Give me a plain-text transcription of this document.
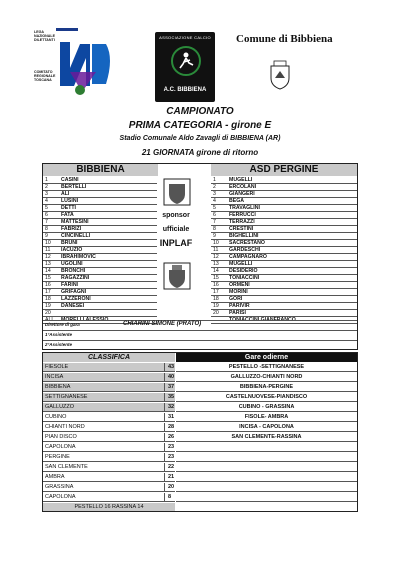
LEGA
NAZIONALE
DILETTANTI
COMITATO
REGIONALE
TOSCANA
ASSOCIAZIONE CALCIO
A.C. BIBBIENA
Comune di Bibbiena
CAMPIONATO
PRIMA CATEGORIA - girone E
Stadio Comunale Aldo Zavagli di BIBBIENA (AR)
21 GIORNATA girone di ritorno
BIBBIENA	ASD PERGINE
1	CASINI
2	BERTELLI
3	ALI
4	LUSINI
5	DETTI
6	FATA
7	MATTESINI
8	FABRIZI
9	CINCINELLI
10 BRUNI
11 IACUZIO
12 IBRAHIMOVIC
13 UGOLINI
14 BRONCHI
15 RAGAZZINI
16 FARINI
17 GRIFAGNI
18 LAZZERONI
19 DANESEI
20
ALL MORELLI ALESSIO
1	MUGELLI
2	ERCOLANI
3	GIANGERI
4	BEGA
5	TRAVAGLINI
6	FERRUCCI
7	TERRAZZI
8	CRESTINI
9	BIGHELLINI
10 SACRESTANO
11 GARDESCHI
12 CAMPAGNARO
13 MUGELLI
14 DESIDERIO
15 TONIACCINI
16 ORMENI
17 MORINI
18 GORI
19 PARIVIR
20 PARISI
TONIACCINI GIANFRANCO
sponsor
ufficiale
INPLAF
Direttore di gara	CHIARINI SIMONE (PRATO)
1°Assistente
2°Assistente
CLASSIFICA	Gare odierne
FIESOLE	43
INCISA	40
BIBBIENA	37
SETTIGNANESE	35
GALLUZZO	32
CUBINO	31
CHIANTI NORD	28
PIAN DISCO	26
CAPOLONA	23
PERGINE	23
SAN CLEMENTE	22
AMBRA	21
GRASSINA	20
CAPOLONA	8
PESTELLO -SETTIGNANESE
GALLUZZO-CHIANTI NORD
BIBBIENA-PERGINE
CASTELNUOVESE-PIANDISCO
CUBINO - GRASSINA
FISOLE- AMBRA
INCISA - CAPOLONA
SAN CLEMENTE-RASSINA
PESTELLO 16 RASSINA 14
